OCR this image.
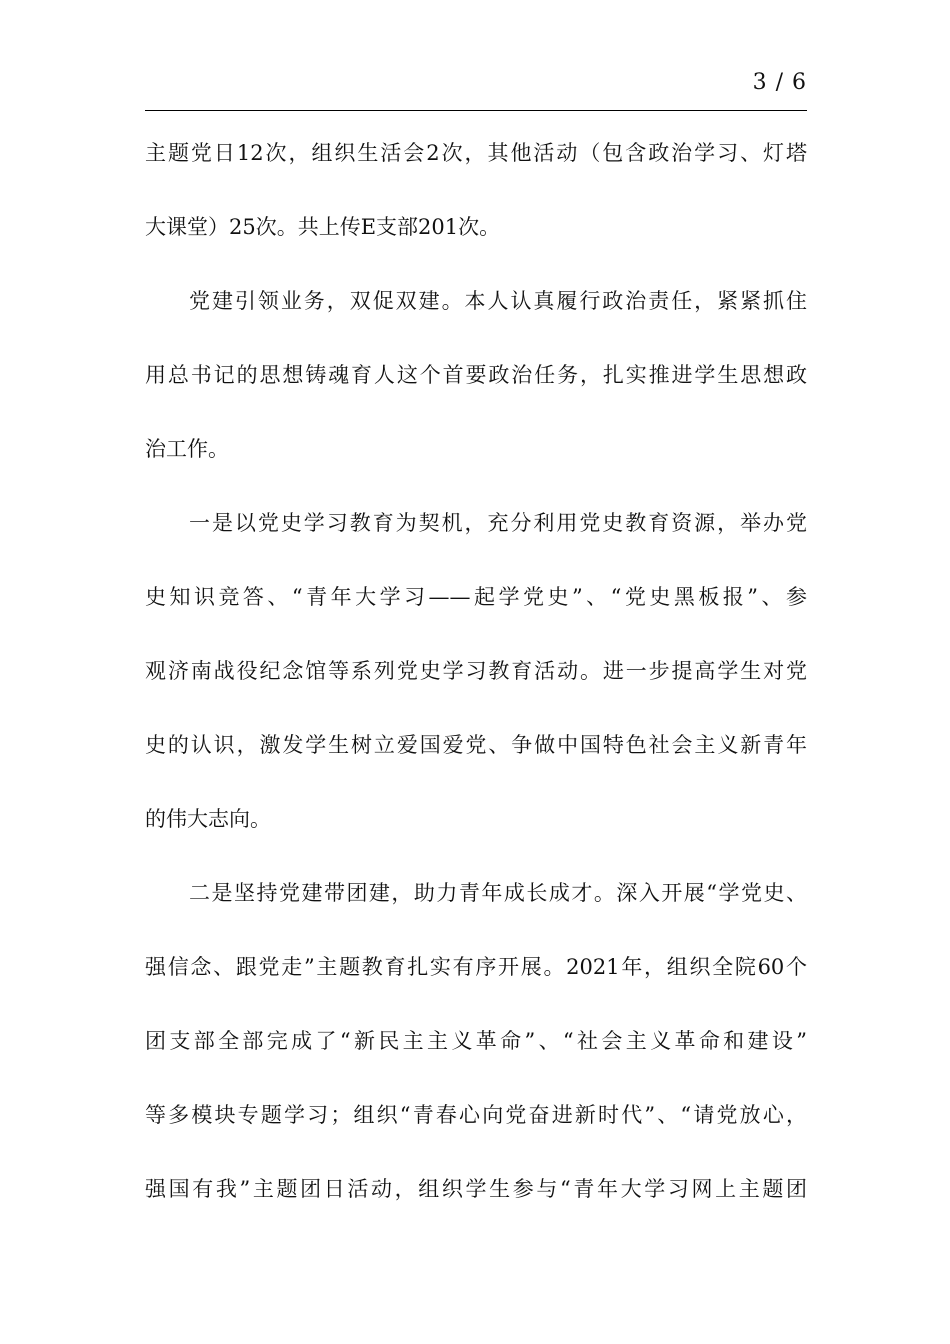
3 / 6
主题党日12次，组织生活会2次，其他活动（包含政治学习、灯塔
大课堂）25次。共上传E支部201次。
党建引领业务，双促双建。本人认真履行政治责任，紧紧抓住
用总书记的思想铸魂育人这个首要政治任务，扎实推进学生思想政
治工作。
一是以党史学习教育为契机，充分利用党史教育资源，举办党
史知识竞答、“青年大学习——起学党史”、“党史黑板报”、参
观济南战役纪念馆等系列党史学习教育活动。进一步提高学生对党
史的认识，激发学生树立爱国爱党、争做中国特色社会主义新青年
的伟大志向。
二是坚持党建带团建，助力青年成长成才。深入开展“学党史、
强信念、跟党走”主题教育扎实有序开展。2021年，组织全院60个
团支部全部完成了“新民主主义革命”、“社会主义革命和建设”
等多模块专题学习；组织“青春心向党奋进新时代”、“请党放心，
强国有我”主题团日活动，组织学生参与“青年大学习网上主题团
